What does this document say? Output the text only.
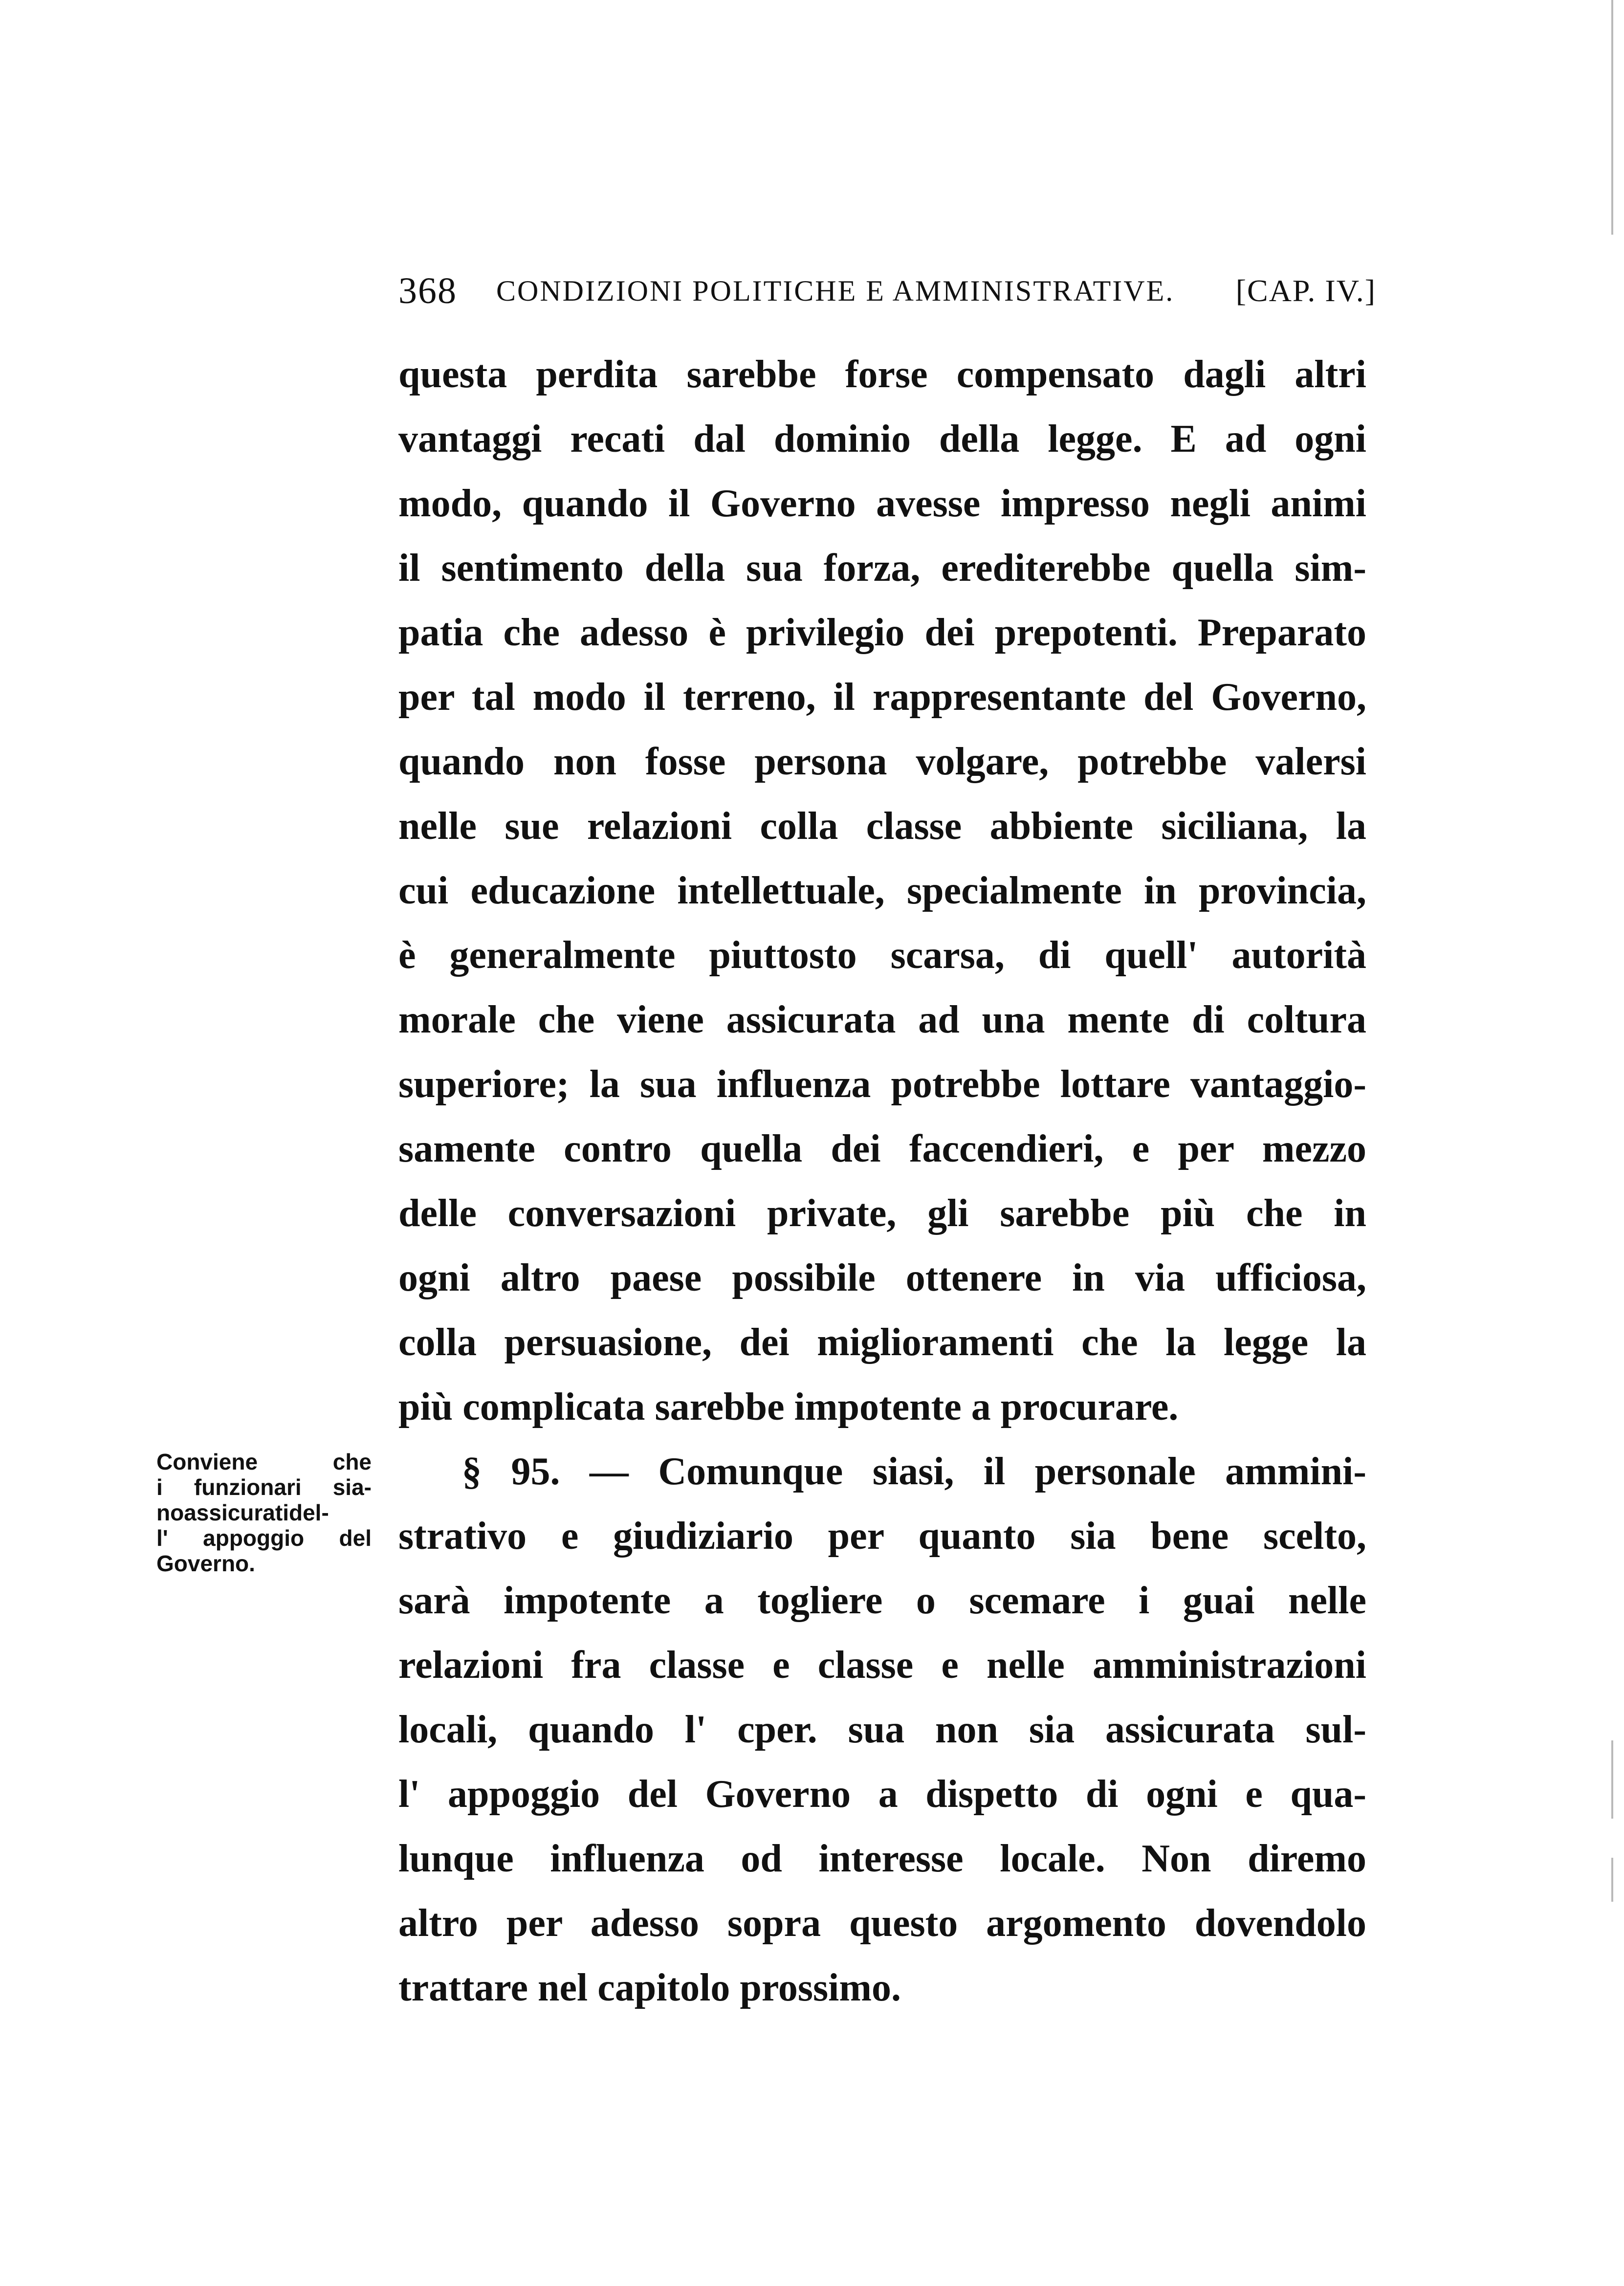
368 CONDIZIONI POLITICHE E AMMINISTRATIVE. [CAP. IV.]
questa perdita sarebbe forse compensato dagli altri
vantaggi recati dal dominio della legge. E ad ogni
modo, quando il Governo avesse impresso negli animi
il sentimento della sua forza, erediterebbe quella sim-
patia che adesso è privilegio dei prepotenti. Preparato
per tal modo il terreno, il rappresentante del Governo,
quando non fosse persona volgare, potrebbe valersi
nelle sue relazioni colla classe abbiente siciliana, la
cui educazione intellettuale, specialmente in provincia,
è generalmente piuttosto scarsa, di quell' autorità
morale che viene assicurata ad una mente di coltura
superiore; la sua influenza potrebbe lottare vantaggio-
samente contro quella dei faccendieri, e per mezzo
delle conversazioni private, gli sarebbe più che in
ogni altro paese possibile ottenere in via ufficiosa,
colla persuasione, dei miglioramenti che la legge la
più complicata sarebbe impotente a procurare.
§ 95. — Comunque siasi, il personale ammini-
strativo e giudiziario per quanto sia bene scelto,
sarà impotente a togliere o scemare i guai nelle
relazioni fra classe e classe e nelle amministrazioni
locali, quando l' cper. sua non sia assicurata sul-
l' appoggio del Governo a dispetto di ogni e qua-
lunque influenza od interesse locale. Non diremo
altro per adesso sopra questo argomento dovendolo
trattare nel capitolo prossimo.
Conviene che
i funzionari sia-
noassicuratidel-
l' appoggio del
Governo.
